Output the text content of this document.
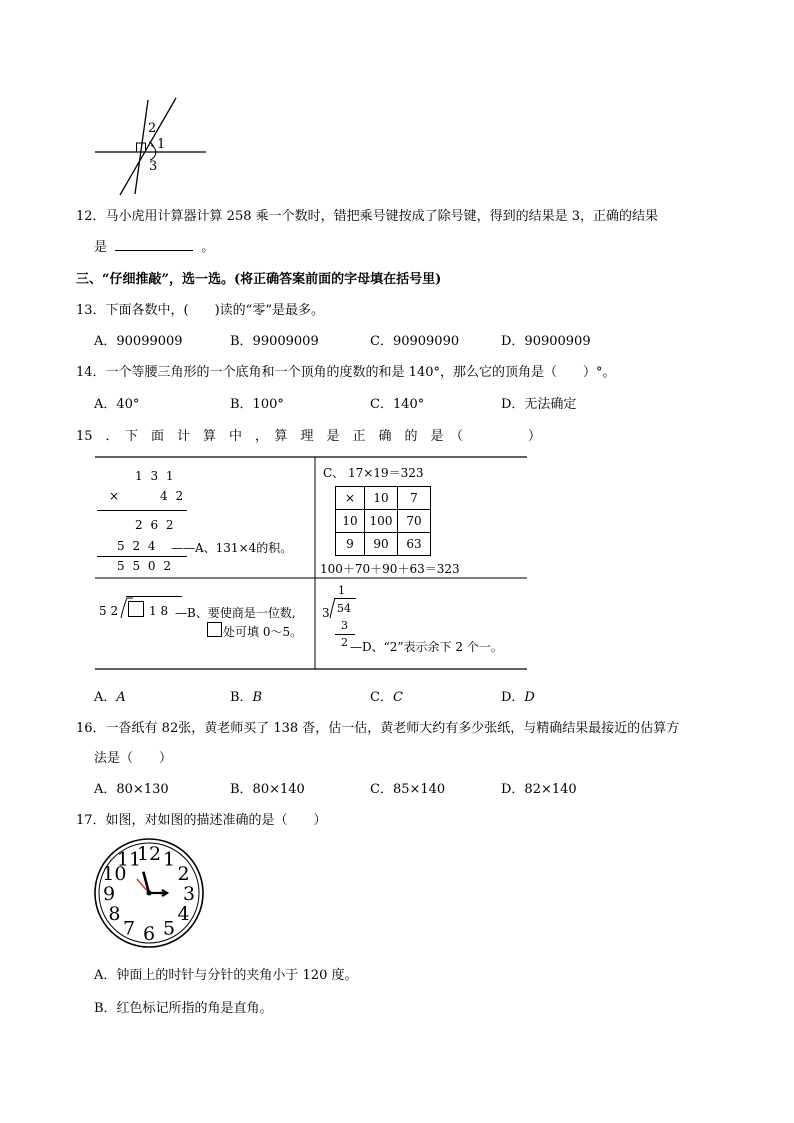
2
1
3
12．马小虎用计算器计算 258 乘一个数时，错把乘号键按成了除号键，得到的结果是 3，正确的结果
是	。
三、“仔细推敲”，选一选。(将正确答案前面的字母填在括号里)
13．下面各数中，(　　)读的“零”是最多。
A．90099009	B．99009009	C．90909090	D．90900909
14．一个等腰三角形的一个底角和一个顶角的度数的和是 140°，那么它的顶角是（　　）°。
A．40°	B．100°	C．140°	D．无法确定
15　．　下　面　计　算　中　，　算　理　是　正　确　的　是　（　　　　　）
1 3 1
×	4 2
2 6 2
5 2 4 ——A、131×4的积。
5 5 0 2
C、 17×19＝323
×	10	7
10	100	70
9	90	63
100＋70＋90＋63＝323
5 2	1 8 —B、要使商是一位数,
处可填 0～5。
1
3 54
3
2 —D、“2”表示余下 2 个一。
A．𝐴	B．𝐵	C．𝐶	D．𝐷
16．一沓纸有 82张，黄老师买了 138 沓，估一估，黄老师大约有多少张纸，与精确结果最接近的估算方
法是（　　）
A．80×130	B．80×140	C．85×140	D．82×140
17．如图，对如图的描述准确的是（　　）
12 1
2
3
4
5
6
7
8
9
10
11
A．钟面上的时针与分针的夹角小于 120 度。
B．红色标记所指的角是直角。
